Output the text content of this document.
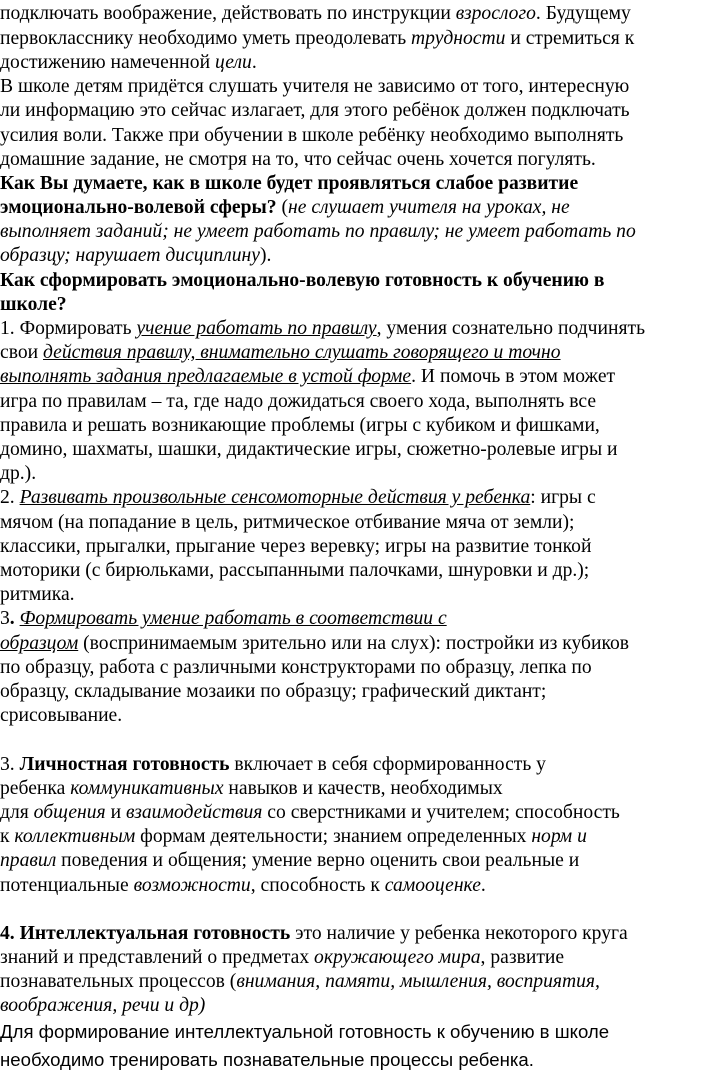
подключать воображение, действовать по инструкции взрослого. Будущему
первокласснику необходимо уметь преодолевать трудности и стремиться к
достижению намеченной цели.
В школе детям придётся слушать учителя не зависимо от того, интересную
ли информацию это сейчас излагает, для этого ребёнок должен подключать
усилия воли. Также при обучении в школе ребёнку необходимо выполнять
домашние задание, не смотря на то, что сейчас очень хочется погулять.
Как Вы думаете, как в школе будет проявляться слабое развитие
эмоционально-волевой сферы? (не слушает учителя на уроках, не
выполняет заданий; не умеет работать по правилу; не умеет работать по
образцу; нарушает дисциплину).
Как сформировать эмоционально-волевую готовность к обучению в
школе?
1. Формировать учение работать по правилу, умения сознательно подчинять
свои действия правилу, внимательно слушать говорящего и точно
выполнять задания предлагаемые в устой форме. И помочь в этом может
игра по правилам – та, где надо дожидаться своего хода, выполнять все
правила и решать возникающие проблемы (игры с кубиком и фишками,
домино, шахматы, шашки, дидактические игры, сюжетно-ролевые игры и
др.).
2. Развивать произвольные сенсомоторные действия у ребенка: игры с
мячом (на попадание в цель, ритмическое отбивание мяча от земли);
классики, прыгалки, прыгание через веревку; игры на развитие тонкой
моторики (с бирюльками, рассыпанными палочками, шнуровки и др.);
ритмика.
3. Формировать умение работать в соответствии с
образцом (воспринимаемым зрительно или на слух): постройки из кубиков
по образцу, работа с различными конструкторами по образцу, лепка по
образцу, складывание мозаики по образцу; графический диктант;
срисовывание.
3. Личностная готовность включает в себя сформированность у
ребенка коммуникативных навыков и качеств, необходимых
для общения и взаимодействия со сверстниками и учителем; способность
к коллективным формам деятельности; знанием определенных норм и
правил поведения и общения; умение верно оценить свои реальные и
потенциальные возможности, способность к самооценке.
4. Интеллектуальная готовность это наличие у ребенка некоторого круга
знаний и представлений о предметах окружающего мира, развитие
познавательных процессов (внимания, памяти, мышления, восприятия,
воображения, речи и др)
Для формирование интеллектуальной готовность к обучению в школе
необходимо тренировать познавательные процессы ребенка.
